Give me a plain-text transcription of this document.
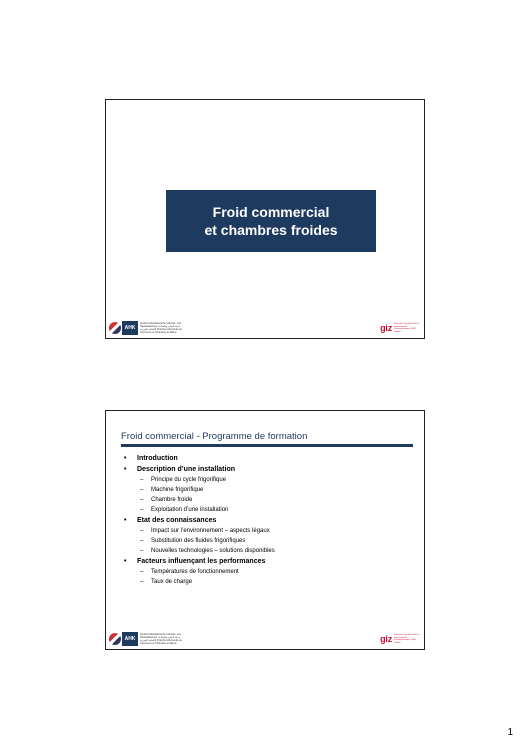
Froid commercial
et chambres froides
AHK
Deutsch-Marokkanische Industrie- und Handelskammer غرفة التجارة والصناعة الألمانية المغربية Chambre Allemande de Commerce et d'Industrie au Maroc	giz Deutsche Gesellschaft für Internationale Zusammenarbeit (GIZ) GmbH
Froid commercial - Programme de formation
• Introduction
• Description d’une installation
– Principe du cycle frigorifique
– Machine frigorifique
– Chambre froide
– Exploitation d’une installation
• Etat des connaissances
– Impact sur l’environnement – aspects légaux
– Substitution des fluides frigorifiques
– Nouvelles technologies – solutions disponibles
• Facteurs influençant les performances
– Températures de fonctionnement
– Taux de charge
AHK
Deutsch-Marokkanische Industrie- und Handelskammer غرفة التجارة والصناعة الألمانية المغربية Chambre Allemande de Commerce et d'Industrie au Maroc	giz Deutsche Gesellschaft für Internationale Zusammenarbeit (GIZ) GmbH
1
